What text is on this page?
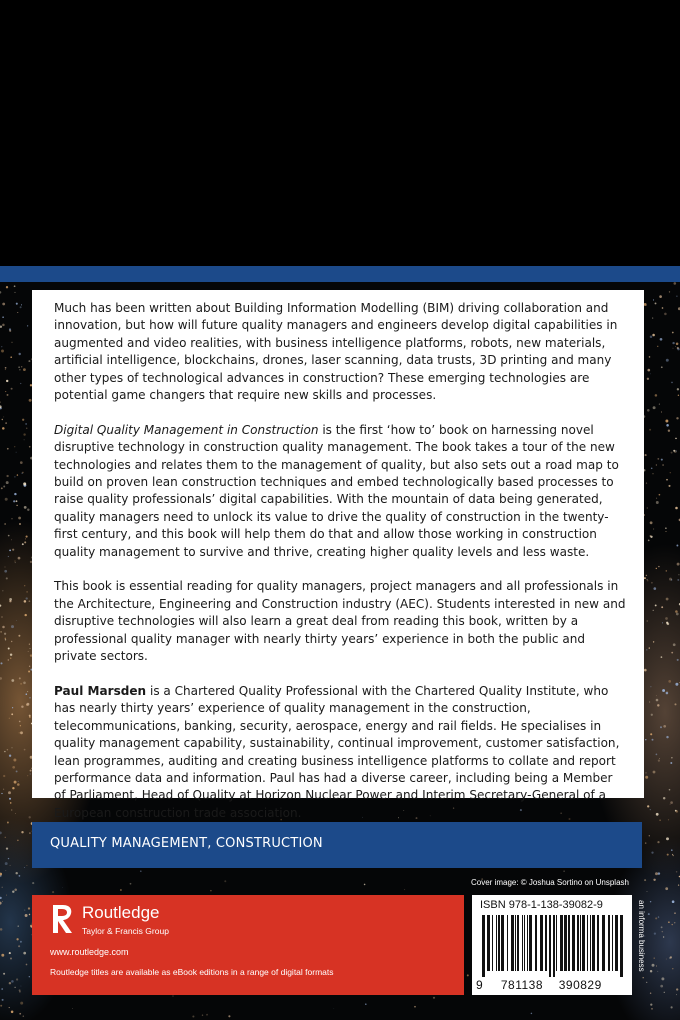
Much has been written about Building Information Modelling (BIM) driving collaboration and innovation, but how will future quality managers and engineers develop digital capabilities in augmented and video realities, with business intelligence platforms, robots, new materials, artificial intelligence, blockchains, drones, laser scanning, data trusts, 3D printing and many other types of technological advances in construction? These emerging technologies are potential game changers that require new skills and processes.

Digital Quality Management in Construction is the first ‘how to’ book on harnessing novel disruptive technology in construction quality management. The book takes a tour of the new technologies and relates them to the management of quality, but also sets out a road map to build on proven lean construction techniques and embed technologically based processes to raise quality professionals’ digital capabilities. With the mountain of data being generated, quality managers need to unlock its value to drive the quality of construction in the twenty-first century, and this book will help them do that and allow those working in construction quality management to survive and thrive, creating higher quality levels and less waste.

This book is essential reading for quality managers, project managers and all professionals in the Architecture, Engineering and Construction industry (AEC). Students interested in new and disruptive technologies will also learn a great deal from reading this book, written by a professional quality manager with nearly thirty years’ experience in both the public and private sectors.

Paul Marsden is a Chartered Quality Professional with the Chartered Quality Institute, who has nearly thirty years’ experience of quality management in the construction, telecommunications, banking, security, aerospace, energy and rail fields. He specialises in quality management capability, sustainability, continual improvement, customer satisfaction, lean programmes, auditing and creating business intelligence platforms to collate and report performance data and information. Paul has had a diverse career, including being a Member of Parliament, Head of Quality at Horizon Nuclear Power and Interim Secretary-General of a European construction trade association.

QUALITY MANAGEMENT, CONSTRUCTION
Cover image: © Joshua Sortino on Unsplash
Routledge
Taylor & Francis Group
www.routledge.com
Routledge titles are available as eBook editions in a range of digital formats
ISBN 978-1-138-39082-9
9 781138 390829
an informa business
